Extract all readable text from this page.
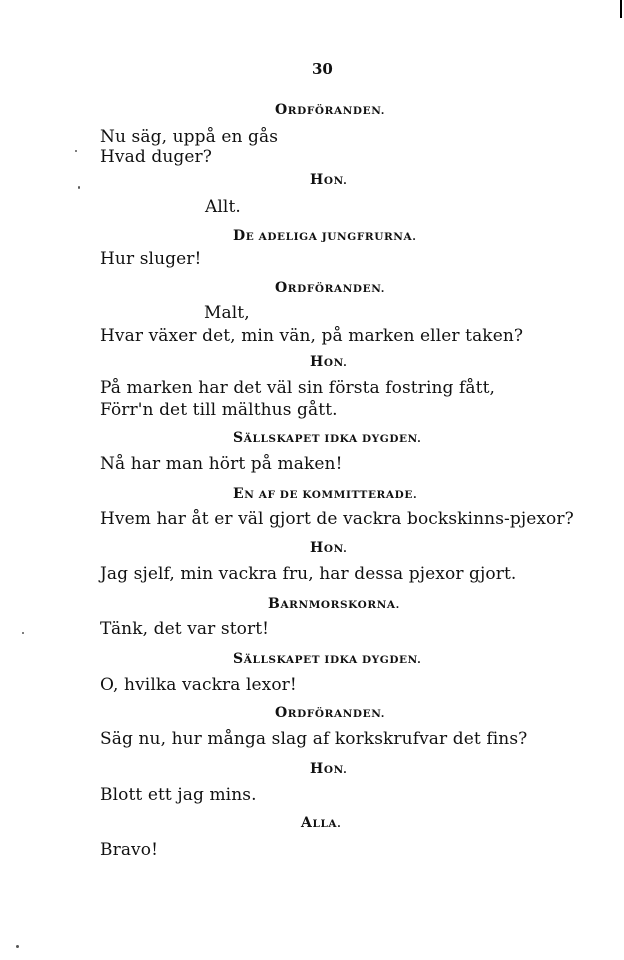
30
ORDFÖRANDEN.
Nu säg, uppå en gås
Hvad duger?
HON.
Allt.
DE ADELIGA JUNGFRURNA.
Hur sluger!
ORDFÖRANDEN.
Malt,
Hvar växer det, min vän, på marken eller taken?
HON.
På marken har det väl sin första fostring fått,
Förr'n det till mälthus gått.
SÄLLSKAPET IDKA DYGDEN.
Nå har man hört på maken!
EN AF DE KOMMITTERADE.
Hvem har åt er väl gjort de vackra bockskinns-pjexor?
HON.
Jag sjelf, min vackra fru, har dessa pjexor gjort.
BARNMORSKORNA.
Tänk, det var stort!
SÄLLSKAPET IDKA DYGDEN.
O, hvilka vackra lexor!
ORDFÖRANDEN.
Säg nu, hur många slag af korkskrufvar det fins?
HON.
Blott ett jag mins.
ALLA.
Bravo!
